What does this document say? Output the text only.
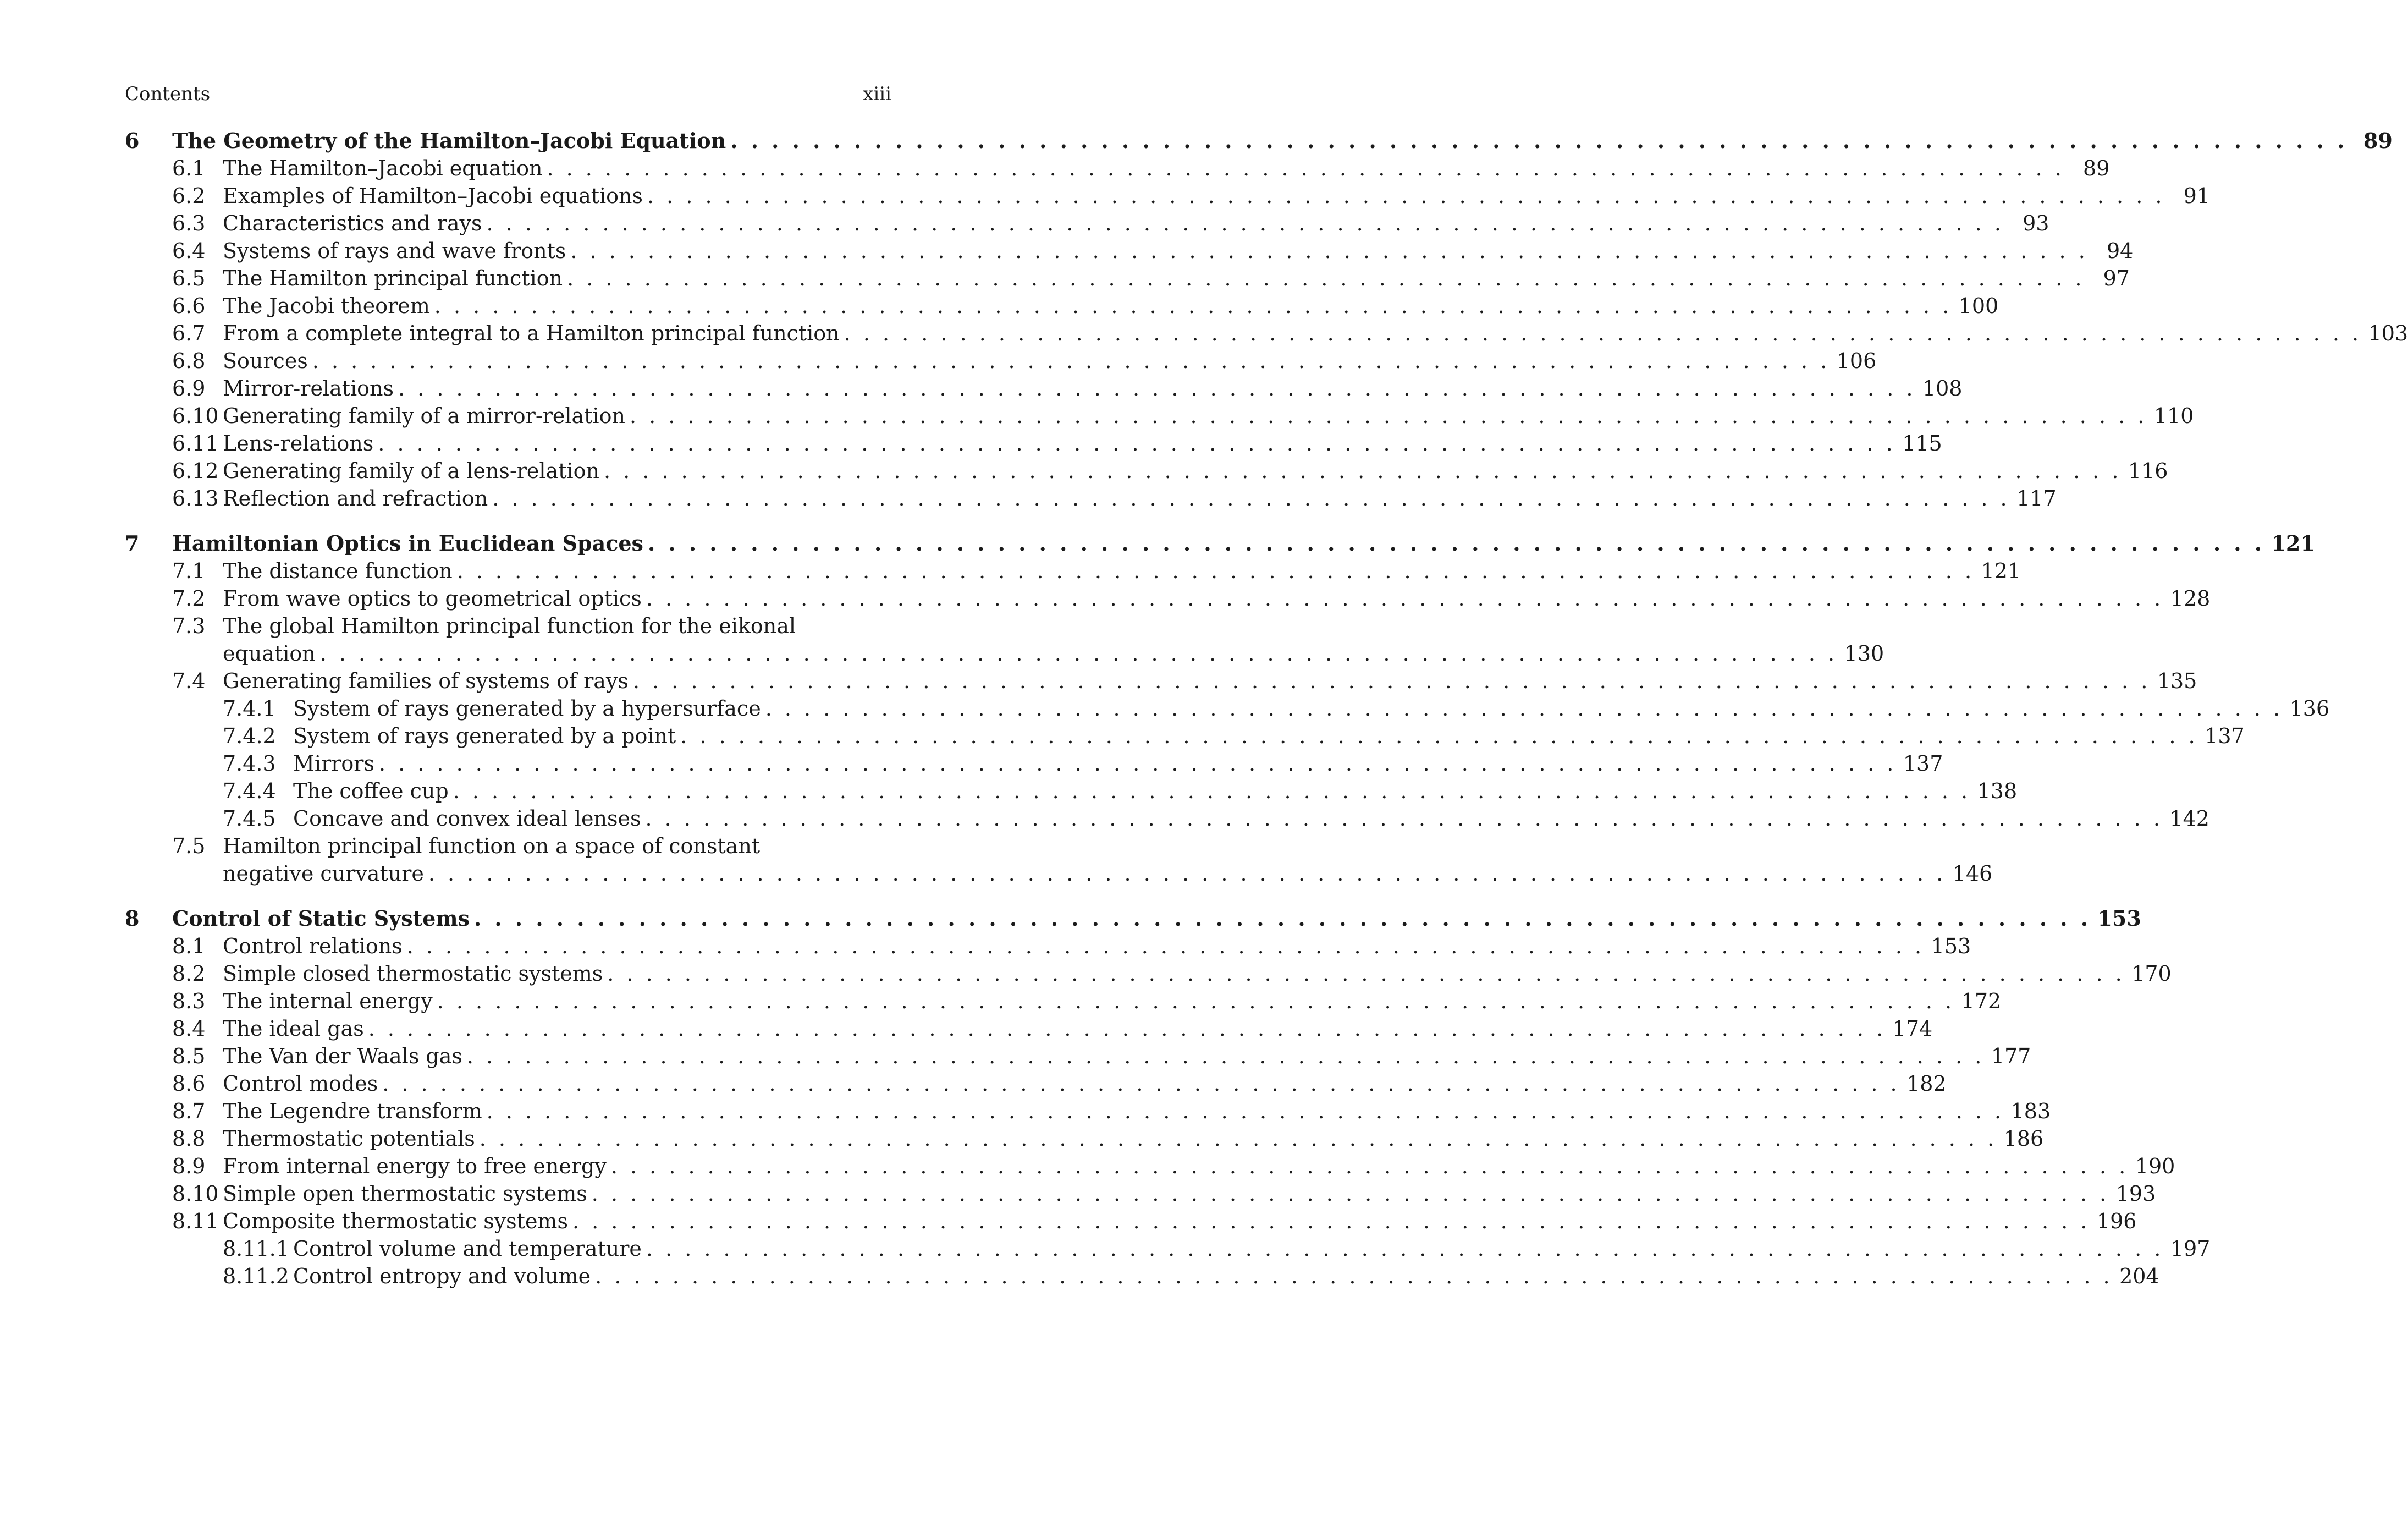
Contents	xiii
6 The Geometry of the Hamilton–Jacobi Equation . . . . . . . . . . . . . . . . . . . . . . . . . . . . . . . . . . . . . . . . . . . . . . . . . . . . . . . . . . . . . . . . . . . . . . . . . . . . . . . 89
6.1 The Hamilton–Jacobi equation . . . . . . . . . . . . . . . . . . . . . . . . . . . . . . . . . . . . . . . . . . . . . . . . . . . . . . . . . . . . . . . . . . . . . . . . . . . . . . . 89
6.2 Examples of Hamilton–Jacobi equations . . . . . . . . . . . . . . . . . . . . . . . . . . . . . . . . . . . . . . . . . . . . . . . . . . . . . . . . . . . . . . . . . . . . . . . . . . . . . . . 91
6.3 Characteristics and rays . . . . . . . . . . . . . . . . . . . . . . . . . . . . . . . . . . . . . . . . . . . . . . . . . . . . . . . . . . . . . . . . . . . . . . . . . . . . . . . 93
6.4 Systems of rays and wave fronts . . . . . . . . . . . . . . . . . . . . . . . . . . . . . . . . . . . . . . . . . . . . . . . . . . . . . . . . . . . . . . . . . . . . . . . . . . . . . . . 94
6.5 The Hamilton principal function . . . . . . . . . . . . . . . . . . . . . . . . . . . . . . . . . . . . . . . . . . . . . . . . . . . . . . . . . . . . . . . . . . . . . . . . . . . . . . . 97
6.6 The Jacobi theorem . . . . . . . . . . . . . . . . . . . . . . . . . . . . . . . . . . . . . . . . . . . . . . . . . . . . . . . . . . . . . . . . . . . . . . . . . . . . . . . 100
6.7 From a complete integral to a Hamilton principal function . . . . . . . . . . . . . . . . . . . . . . . . . . . . . . . . . . . . . . . . . . . . . . . . . . . . . . . . . . . . . . . . . . . . . . . . . . . . . . . 103
6.8 Sources . . . . . . . . . . . . . . . . . . . . . . . . . . . . . . . . . . . . . . . . . . . . . . . . . . . . . . . . . . . . . . . . . . . . . . . . . . . . . . . 106
6.9 Mirror-relations . . . . . . . . . . . . . . . . . . . . . . . . . . . . . . . . . . . . . . . . . . . . . . . . . . . . . . . . . . . . . . . . . . . . . . . . . . . . . . . 108
6.10 Generating family of a mirror-relation . . . . . . . . . . . . . . . . . . . . . . . . . . . . . . . . . . . . . . . . . . . . . . . . . . . . . . . . . . . . . . . . . . . . . . . . . . . . . . . 110
6.11 Lens-relations . . . . . . . . . . . . . . . . . . . . . . . . . . . . . . . . . . . . . . . . . . . . . . . . . . . . . . . . . . . . . . . . . . . . . . . . . . . . . . . 115
6.12 Generating family of a lens-relation . . . . . . . . . . . . . . . . . . . . . . . . . . . . . . . . . . . . . . . . . . . . . . . . . . . . . . . . . . . . . . . . . . . . . . . . . . . . . . . 116
6.13 Reflection and refraction . . . . . . . . . . . . . . . . . . . . . . . . . . . . . . . . . . . . . . . . . . . . . . . . . . . . . . . . . . . . . . . . . . . . . . . . . . . . . . . 117
7 Hamiltonian Optics in Euclidean Spaces . . . . . . . . . . . . . . . . . . . . . . . . . . . . . . . . . . . . . . . . . . . . . . . . . . . . . . . . . . . . . . . . . . . . . . . . . . . . . . . 121
7.1 The distance function . . . . . . . . . . . . . . . . . . . . . . . . . . . . . . . . . . . . . . . . . . . . . . . . . . . . . . . . . . . . . . . . . . . . . . . . . . . . . . . 121
7.2 From wave optics to geometrical optics . . . . . . . . . . . . . . . . . . . . . . . . . . . . . . . . . . . . . . . . . . . . . . . . . . . . . . . . . . . . . . . . . . . . . . . . . . . . . . . 128
7.3 The global Hamilton principal function for the eikonal
equation . . . . . . . . . . . . . . . . . . . . . . . . . . . . . . . . . . . . . . . . . . . . . . . . . . . . . . . . . . . . . . . . . . . . . . . . . . . . . . . 130
7.4 Generating families of systems of rays . . . . . . . . . . . . . . . . . . . . . . . . . . . . . . . . . . . . . . . . . . . . . . . . . . . . . . . . . . . . . . . . . . . . . . . . . . . . . . . 135
7.4.1 System of rays generated by a hypersurface . . . . . . . . . . . . . . . . . . . . . . . . . . . . . . . . . . . . . . . . . . . . . . . . . . . . . . . . . . . . . . . . . . . . . . . . . . . . . . . 136
7.4.2 System of rays generated by a point . . . . . . . . . . . . . . . . . . . . . . . . . . . . . . . . . . . . . . . . . . . . . . . . . . . . . . . . . . . . . . . . . . . . . . . . . . . . . . . 137
7.4.3 Mirrors . . . . . . . . . . . . . . . . . . . . . . . . . . . . . . . . . . . . . . . . . . . . . . . . . . . . . . . . . . . . . . . . . . . . . . . . . . . . . . . 137
7.4.4 The coffee cup . . . . . . . . . . . . . . . . . . . . . . . . . . . . . . . . . . . . . . . . . . . . . . . . . . . . . . . . . . . . . . . . . . . . . . . . . . . . . . . 138
7.4.5 Concave and convex ideal lenses . . . . . . . . . . . . . . . . . . . . . . . . . . . . . . . . . . . . . . . . . . . . . . . . . . . . . . . . . . . . . . . . . . . . . . . . . . . . . . . 142
7.5 Hamilton principal function on a space of constant
negative curvature . . . . . . . . . . . . . . . . . . . . . . . . . . . . . . . . . . . . . . . . . . . . . . . . . . . . . . . . . . . . . . . . . . . . . . . . . . . . . . . 146
8 Control of Static Systems . . . . . . . . . . . . . . . . . . . . . . . . . . . . . . . . . . . . . . . . . . . . . . . . . . . . . . . . . . . . . . . . . . . . . . . . . . . . . . . 153
8.1 Control relations . . . . . . . . . . . . . . . . . . . . . . . . . . . . . . . . . . . . . . . . . . . . . . . . . . . . . . . . . . . . . . . . . . . . . . . . . . . . . . . 153
8.2 Simple closed thermostatic systems . . . . . . . . . . . . . . . . . . . . . . . . . . . . . . . . . . . . . . . . . . . . . . . . . . . . . . . . . . . . . . . . . . . . . . . . . . . . . . . 170
8.3 The internal energy . . . . . . . . . . . . . . . . . . . . . . . . . . . . . . . . . . . . . . . . . . . . . . . . . . . . . . . . . . . . . . . . . . . . . . . . . . . . . . . 172
8.4 The ideal gas . . . . . . . . . . . . . . . . . . . . . . . . . . . . . . . . . . . . . . . . . . . . . . . . . . . . . . . . . . . . . . . . . . . . . . . . . . . . . . . 174
8.5 The Van der Waals gas . . . . . . . . . . . . . . . . . . . . . . . . . . . . . . . . . . . . . . . . . . . . . . . . . . . . . . . . . . . . . . . . . . . . . . . . . . . . . . . 177
8.6 Control modes . . . . . . . . . . . . . . . . . . . . . . . . . . . . . . . . . . . . . . . . . . . . . . . . . . . . . . . . . . . . . . . . . . . . . . . . . . . . . . . 182
8.7 The Legendre transform . . . . . . . . . . . . . . . . . . . . . . . . . . . . . . . . . . . . . . . . . . . . . . . . . . . . . . . . . . . . . . . . . . . . . . . . . . . . . . . 183
8.8 Thermostatic potentials . . . . . . . . . . . . . . . . . . . . . . . . . . . . . . . . . . . . . . . . . . . . . . . . . . . . . . . . . . . . . . . . . . . . . . . . . . . . . . . 186
8.9 From internal energy to free energy . . . . . . . . . . . . . . . . . . . . . . . . . . . . . . . . . . . . . . . . . . . . . . . . . . . . . . . . . . . . . . . . . . . . . . . . . . . . . . . 190
8.10 Simple open thermostatic systems . . . . . . . . . . . . . . . . . . . . . . . . . . . . . . . . . . . . . . . . . . . . . . . . . . . . . . . . . . . . . . . . . . . . . . . . . . . . . . . 193
8.11 Composite thermostatic systems . . . . . . . . . . . . . . . . . . . . . . . . . . . . . . . . . . . . . . . . . . . . . . . . . . . . . . . . . . . . . . . . . . . . . . . . . . . . . . . 196
8.11.1 Control volume and temperature . . . . . . . . . . . . . . . . . . . . . . . . . . . . . . . . . . . . . . . . . . . . . . . . . . . . . . . . . . . . . . . . . . . . . . . . . . . . . . . 197
8.11.2 Control entropy and volume . . . . . . . . . . . . . . . . . . . . . . . . . . . . . . . . . . . . . . . . . . . . . . . . . . . . . . . . . . . . . . . . . . . . . . . . . . . . . . . 204
